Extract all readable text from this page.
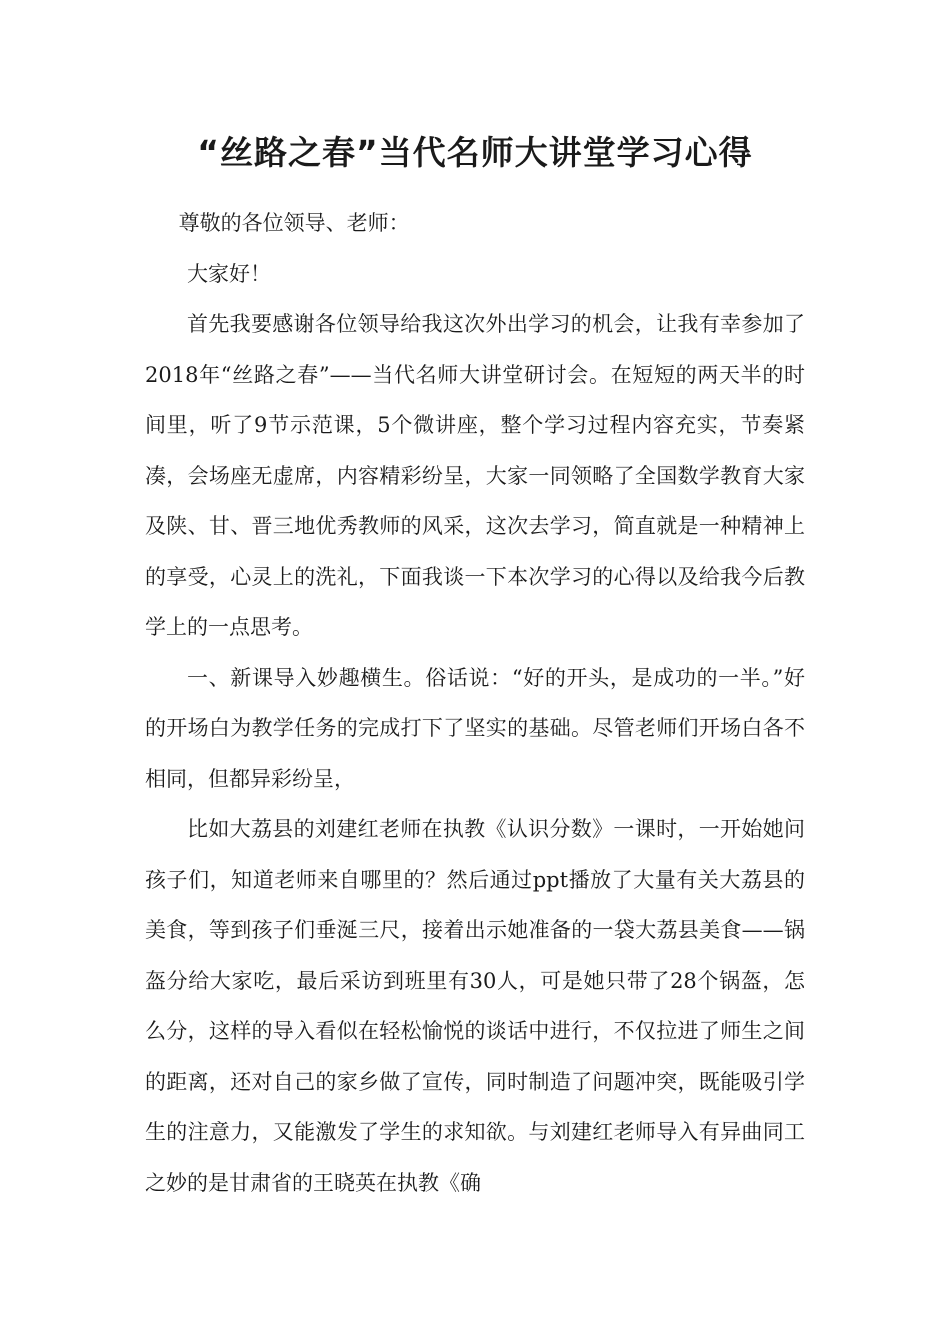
“丝路之春”当代名师大讲堂学习心得

尊敬的各位领导、老师：

大家好！

首先我要感谢各位领导给我这次外出学习的机会，让我有幸参加了2018年“丝路之春”——当代名师大讲堂研讨会。在短短的两天半的时间里，听了9节示范课，5个微讲座，整个学习过程内容充实，节奏紧凑，会场座无虚席，内容精彩纷呈，大家一同领略了全国数学教育大家及陕、甘、晋三地优秀教师的风采，这次去学习，简直就是一种精神上的享受，心灵上的洗礼，下面我谈一下本次学习的心得以及给我今后教学上的一点思考。

一、新课导入妙趣横生。俗话说：“好的开头，是成功的一半。”好的开场白为教学任务的完成打下了坚实的基础。尽管老师们开场白各不相同，但都异彩纷呈，

比如大荔县的刘建红老师在执教《认识分数》一课时，一开始她问孩子们，知道老师来自哪里的？然后通过ppt播放了大量有关大荔县的美食，等到孩子们垂涎三尺，接着出示她准备的一袋大荔县美食——锅盔分给大家吃，最后采访到班里有30人，可是她只带了28个锅盔，怎么分，这样的导入看似在轻松愉悦的谈话中进行，不仅拉进了师生之间的距离，还对自己的家乡做了宣传，同时制造了问题冲突，既能吸引学生的注意力，又能激发了学生的求知欲。与刘建红老师导入有异曲同工之妙的是甘肃省的王晓英在执教《确
